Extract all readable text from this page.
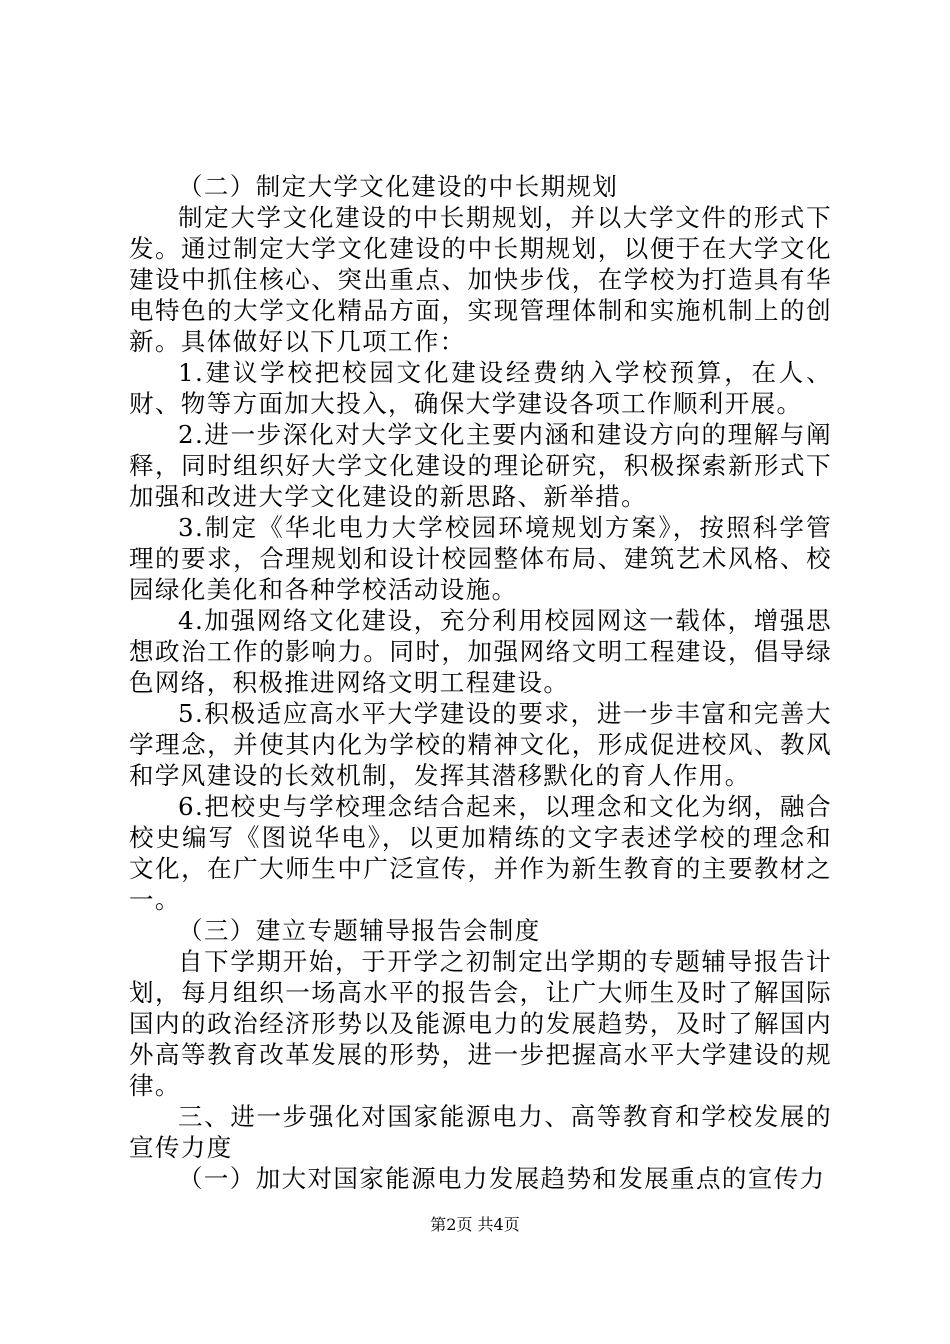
（二）制定大学文化建设的中长期规划

制定大学文化建设的中长期规划，并以大学文件的形式下发。通过制定大学文化建设的中长期规划，以便于在大学文化建设中抓住核心、突出重点、加快步伐，在学校为打造具有华电特色的大学文化精品方面，实现管理体制和实施机制上的创新。具体做好以下几项工作：

1.建议学校把校园文化建设经费纳入学校预算，在人、财、物等方面加大投入，确保大学建设各项工作顺利开展。

2.进一步深化对大学文化主要内涵和建设方向的理解与阐释，同时组织好大学文化建设的理论研究，积极探索新形式下加强和改进大学文化建设的新思路、新举措。

3.制定《华北电力大学校园环境规划方案》，按照科学管理的要求，合理规划和设计校园整体布局、建筑艺术风格、校园绿化美化和各种学校活动设施。

4.加强网络文化建设，充分利用校园网这一载体，增强思想政治工作的影响力。同时，加强网络文明工程建设，倡导绿色网络，积极推进网络文明工程建设。

5.积极适应高水平大学建设的要求，进一步丰富和完善大学理念，并使其内化为学校的精神文化，形成促进校风、教风和学风建设的长效机制，发挥其潜移默化的育人作用。

6.把校史与学校理念结合起来，以理念和文化为纲，融合校史编写《图说华电》，以更加精练的文字表述学校的理念和文化，在广大师生中广泛宣传，并作为新生教育的主要教材之一。

（三）建立专题辅导报告会制度

自下学期开始，于开学之初制定出学期的专题辅导报告计划，每月组织一场高水平的报告会，让广大师生及时了解国际国内的政治经济形势以及能源电力的发展趋势，及时了解国内外高等教育改革发展的形势，进一步把握高水平大学建设的规律。

三、进一步强化对国家能源电力、高等教育和学校发展的宣传力度

（一）加大对国家能源电力发展趋势和发展重点的宣传力

第2页 共4页
